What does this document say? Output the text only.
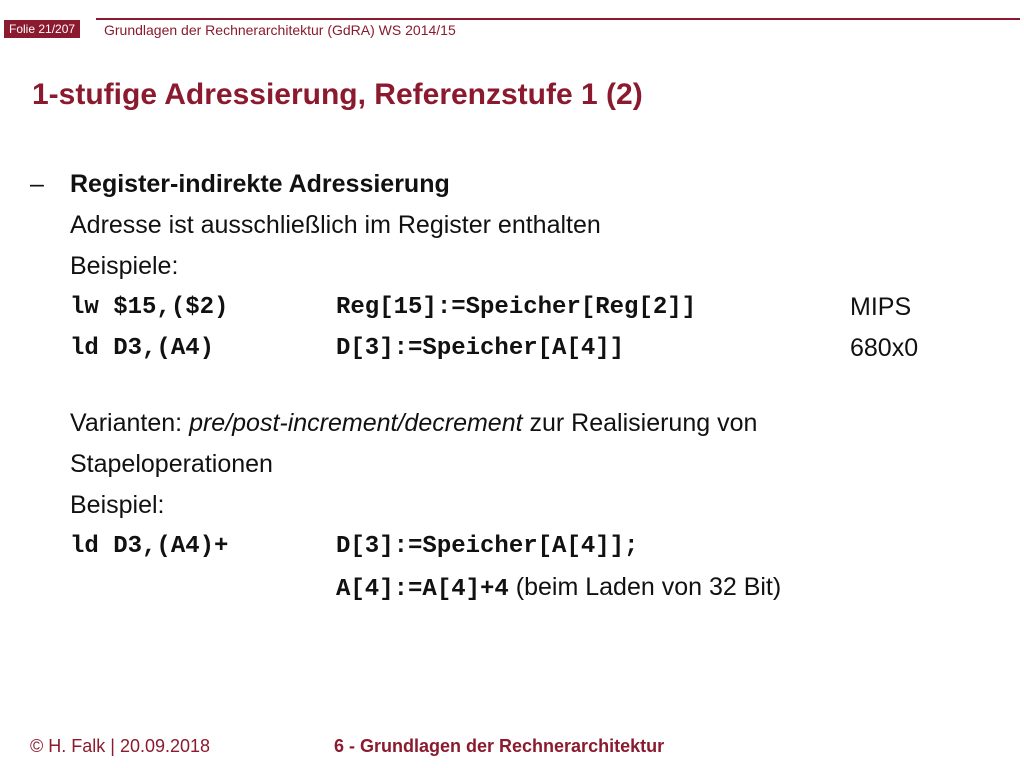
Folie 21/207	Grundlagen der Rechnerarchitektur (GdRA) WS 2014/15
1-stufige Adressierung, Referenzstufe 1 (2)
– Register-indirekte Adressierung
Adresse ist ausschließlich im Register enthalten
Beispiele:
lw $15,($2)	Reg[15]:=Speicher[Reg[2]]	MIPS
ld D3,(A4)	D[3]:=Speicher[A[4]]	680x0
Varianten: pre/post-increment/decrement zur Realisierung von
Stapeloperationen
Beispiel:
ld D3,(A4)+	D[3]:=Speicher[A[4]];
A[4]:=A[4]+4 (beim Laden von 32 Bit)
© H. Falk | 20.09.2018	6 - Grundlagen der Rechnerarchitektur
